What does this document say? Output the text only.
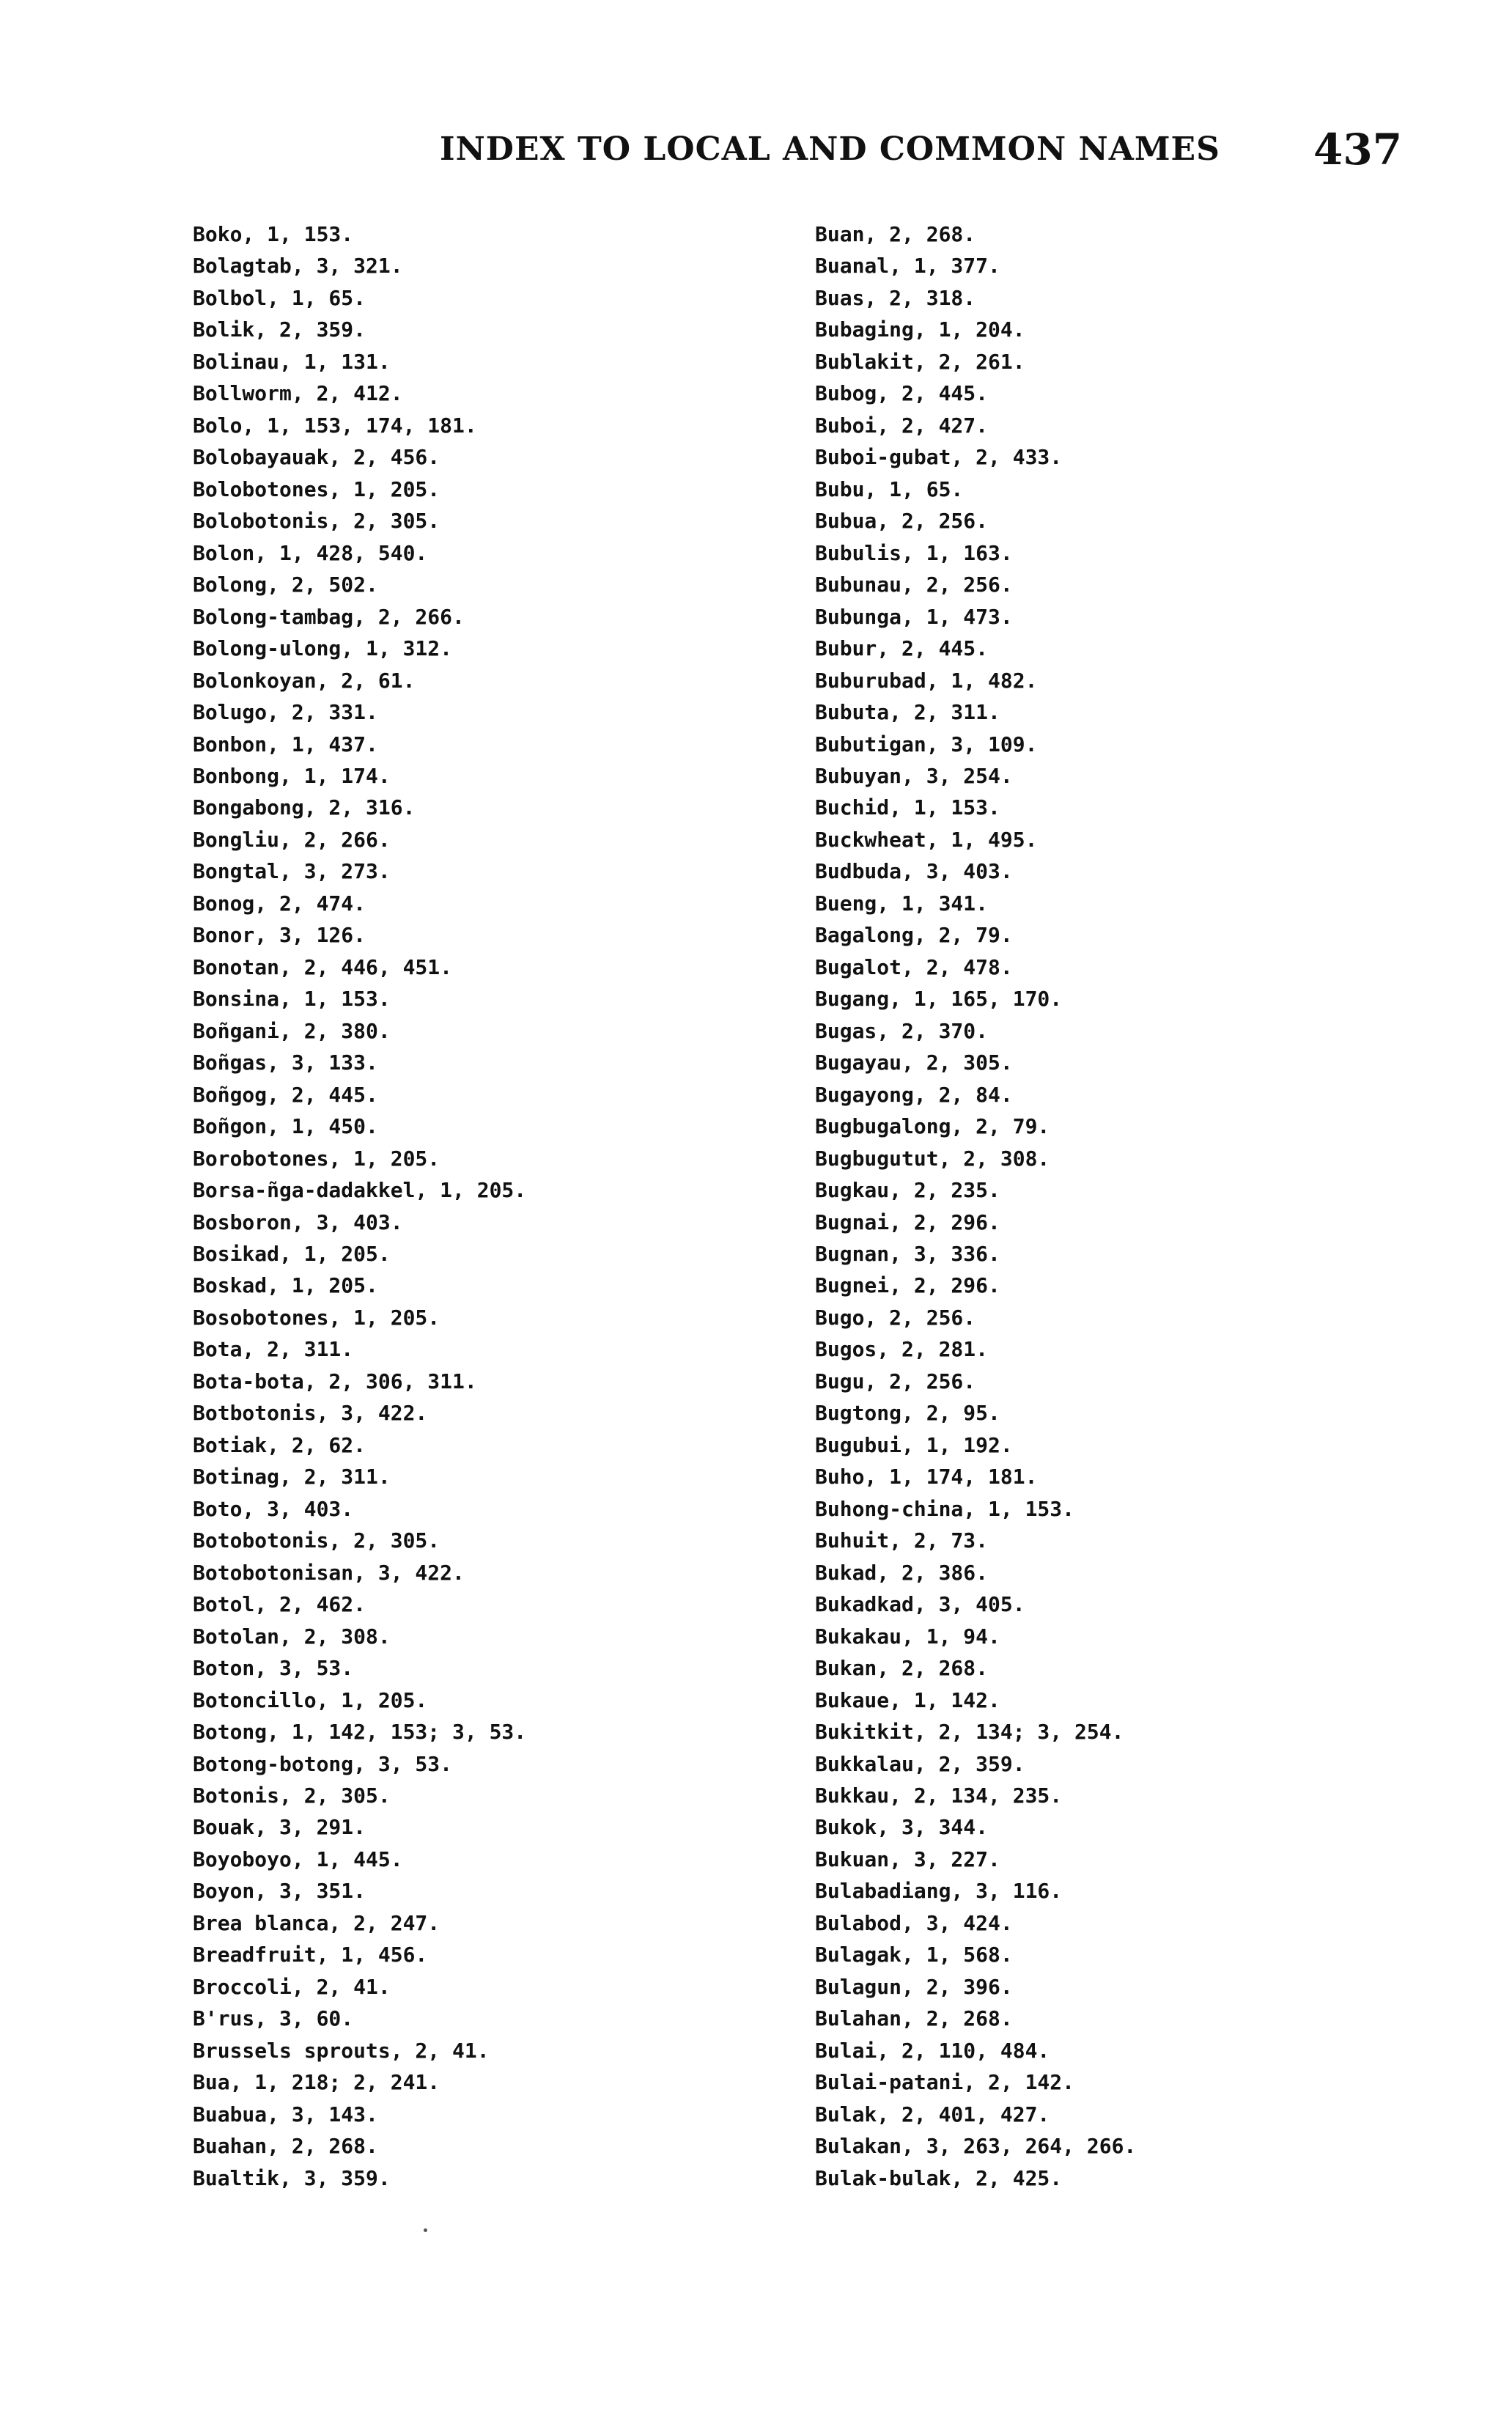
INDEX TO LOCAL AND COMMON NAMES 437
Boko, 1, 153.
Bolagtab, 3, 321.
Bolbol, 1, 65.
Bolik, 2, 359.
Bolinau, 1, 131.
Bollworm, 2, 412.
Bolo, 1, 153, 174, 181.
Bolobayauak, 2, 456.
Bolobotones, 1, 205.
Bolobotonis, 2, 305.
Bolon, 1, 428, 540.
Bolong, 2, 502.
Bolong-tambag, 2, 266.
Bolong-ulong, 1, 312.
Bolonkoyan, 2, 61.
Bolugo, 2, 331.
Bonbon, 1, 437.
Bonbong, 1, 174.
Bongabong, 2, 316.
Bongliu, 2, 266.
Bongtal, 3, 273.
Bonog, 2, 474.
Bonor, 3, 126.
Bonotan, 2, 446, 451.
Bonsina, 1, 153.
Boñgani, 2, 380.
Boñgas, 3, 133.
Boñgog, 2, 445.
Boñgon, 1, 450.
Borobotones, 1, 205.
Borsa-ñga-dadakkel, 1, 205.
Bosboron, 3, 403.
Bosikad, 1, 205.
Boskad, 1, 205.
Bosobotones, 1, 205.
Bota, 2, 311.
Bota-bota, 2, 306, 311.
Botbotonis, 3, 422.
Botiak, 2, 62.
Botinag, 2, 311.
Boto, 3, 403.
Botobotonis, 2, 305.
Botobotonisan, 3, 422.
Botol, 2, 462.
Botolan, 2, 308.
Boton, 3, 53.
Botoncillo, 1, 205.
Botong, 1, 142, 153; 3, 53.
Botong-botong, 3, 53.
Botonis, 2, 305.
Bouak, 3, 291.
Boyoboyo, 1, 445.
Boyon, 3, 351.
Brea blanca, 2, 247.
Breadfruit, 1, 456.
Broccoli, 2, 41.
B'rus, 3, 60.
Brussels sprouts, 2, 41.
Bua, 1, 218; 2, 241.
Buabua, 3, 143.
Buahan, 2, 268.
Bualtik, 3, 359.
Buan, 2, 268.
Buanal, 1, 377.
Buas, 2, 318.
Bubaging, 1, 204.
Bublakit, 2, 261.
Bubog, 2, 445.
Buboi, 2, 427.
Buboi-gubat, 2, 433.
Bubu, 1, 65.
Bubua, 2, 256.
Bubulis, 1, 163.
Bubunau, 2, 256.
Bubunga, 1, 473.
Bubur, 2, 445.
Buburubad, 1, 482.
Bubuta, 2, 311.
Bubutigan, 3, 109.
Bubuyan, 3, 254.
Buchid, 1, 153.
Buckwheat, 1, 495.
Budbuda, 3, 403.
Bueng, 1, 341.
Bagalong, 2, 79.
Bugalot, 2, 478.
Bugang, 1, 165, 170.
Bugas, 2, 370.
Bugayau, 2, 305.
Bugayong, 2, 84.
Bugbugalong, 2, 79.
Bugbugutut, 2, 308.
Bugkau, 2, 235.
Bugnai, 2, 296.
Bugnan, 3, 336.
Bugnei, 2, 296.
Bugo, 2, 256.
Bugos, 2, 281.
Bugu, 2, 256.
Bugtong, 2, 95.
Bugubui, 1, 192.
Buho, 1, 174, 181.
Buhong-china, 1, 153.
Buhuit, 2, 73.
Bukad, 2, 386.
Bukadkad, 3, 405.
Bukakau, 1, 94.
Bukan, 2, 268.
Bukaue, 1, 142.
Bukitkit, 2, 134; 3, 254.
Bukkalau, 2, 359.
Bukkau, 2, 134, 235.
Bukok, 3, 344.
Bukuan, 3, 227.
Bulabadiang, 3, 116.
Bulabod, 3, 424.
Bulagak, 1, 568.
Bulagun, 2, 396.
Bulahan, 2, 268.
Bulai, 2, 110, 484.
Bulai-patani, 2, 142.
Bulak, 2, 401, 427.
Bulakan, 3, 263, 264, 266.
Bulak-bulak, 2, 425.
